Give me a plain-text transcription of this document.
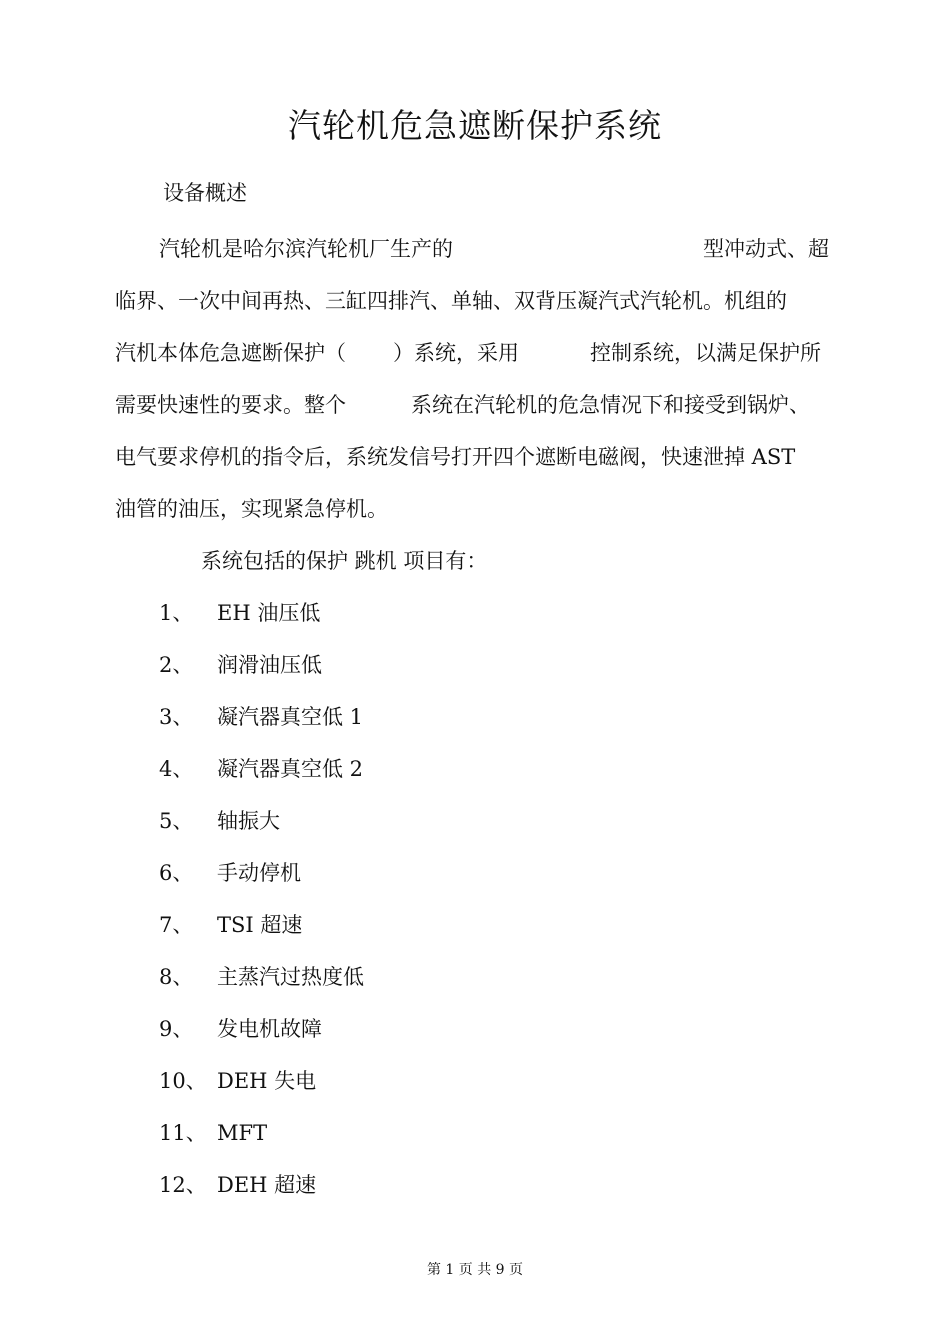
汽轮机危急遮断保护系统
设备概述
汽轮机是哈尔滨汽轮机厂生产的	型冲动式、超
临界、一次中间再热、三缸四排汽、单轴、双背压凝汽式汽轮机。机组的
汽机本体危急遮断保护（ ）系统，采用	控制系统，以满足保护所
需要快速性的要求。整个	系统在汽轮机的危急情况下和接受到锅炉、
电气要求停机的指令后，系统发信号打开四个遮断电磁阀，快速泄掉 AST
油管的油压，实现紧急停机。
系统包括的保护 跳机 项目有：
1、 EH 油压低
2、 润滑油压低
3、 凝汽器真空低 1
4、 凝汽器真空低 2
5、 轴振大
6、 手动停机
7、 TSI 超速
8、 主蒸汽过热度低
9、 发电机故障
10、 DEH 失电
11、 MFT
12、 DEH 超速
第 1 页 共 9 页
